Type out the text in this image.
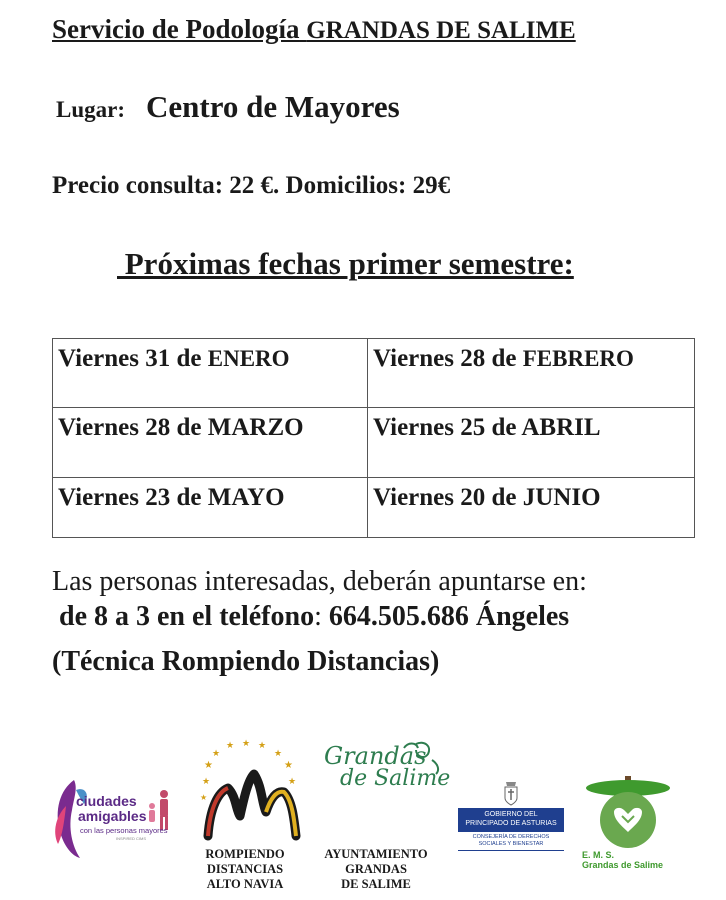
Servicio de Podología GRANDAS DE SALIME
Lugar: Centro de Mayores
Precio consulta: 22 €. Domicilios: 29€
Próximas fechas primer semestre:
Viernes 31 de ENERO	Viernes 28 de FEBRERO
Viernes 28 de MARZO	Viernes 25 de ABRIL
Viernes 23 de MAYO	Viernes 20 de JUNIO
Las personas interesadas, deberán apuntarse en:
de 8 a 3 en el teléfono: 664.505.686 Ángeles
(Técnica Rompiendo Distancias)
ciudades
amigables
con las personas mayores
INSPIRED CIMS
★
★
★ ★ ★
★
★
★
★
★
ROMPIENDO
DISTANCIAS
ALTO NAVIA
Grandas
de Salime
AYUNTAMIENTO
GRANDAS
DE SALIME
GOBIERNO DEL
PRINCIPADO DE ASTURIAS
CONSEJERÍA DE DERECHOS
SOCIALES Y BIENESTAR
E. M. S.
Grandas de Salime
